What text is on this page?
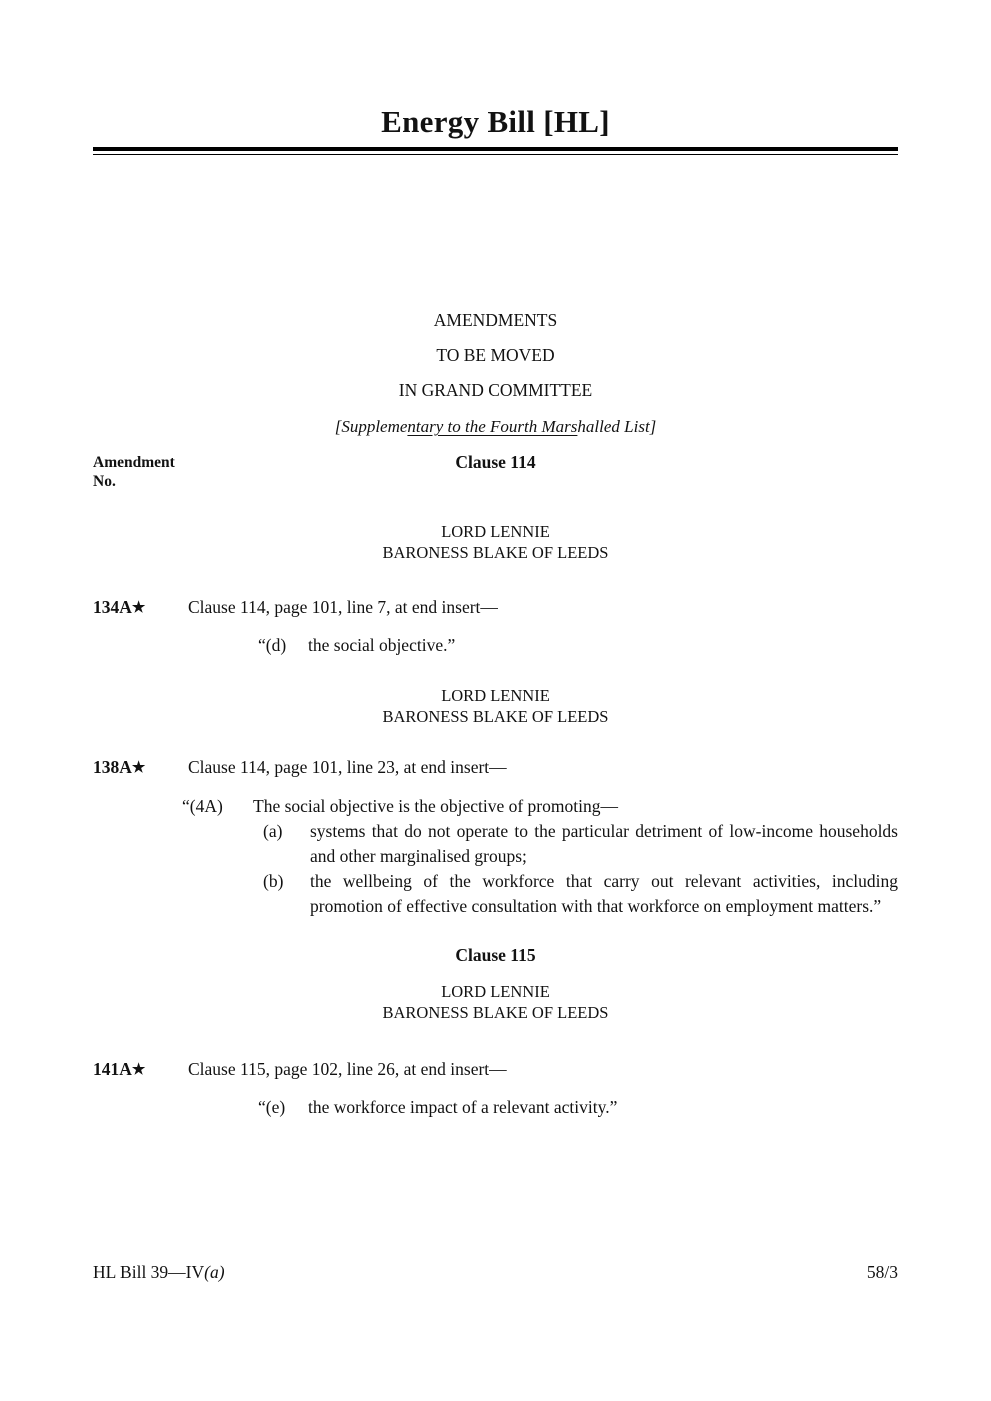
Energy Bill [HL]
AMENDMENTS
TO BE MOVED
IN GRAND COMMITTEE
[Supplementary to the Fourth Marshalled List]
Amendment
No.
Clause 114
LORD LENNIE
BARONESS BLAKE OF LEEDS
134A★	Clause 114, page 101, line 7, at end insert—
“(d)	the social objective.”
LORD LENNIE
BARONESS BLAKE OF LEEDS
138A★	Clause 114, page 101, line 23, at end insert—
“(4A)	The social objective is the objective of promoting—
(a)	systems that do not operate to the particular detriment of low-income households and other marginalised groups;
(b)	the wellbeing of the workforce that carry out relevant activities, including promotion of effective consultation with that workforce on employment matters.”
Clause 115
LORD LENNIE
BARONESS BLAKE OF LEEDS
141A★	Clause 115, page 102, line 26, at end insert—
“(e)	the workforce impact of a relevant activity.”
HL Bill 39—IV(a)	58/3
